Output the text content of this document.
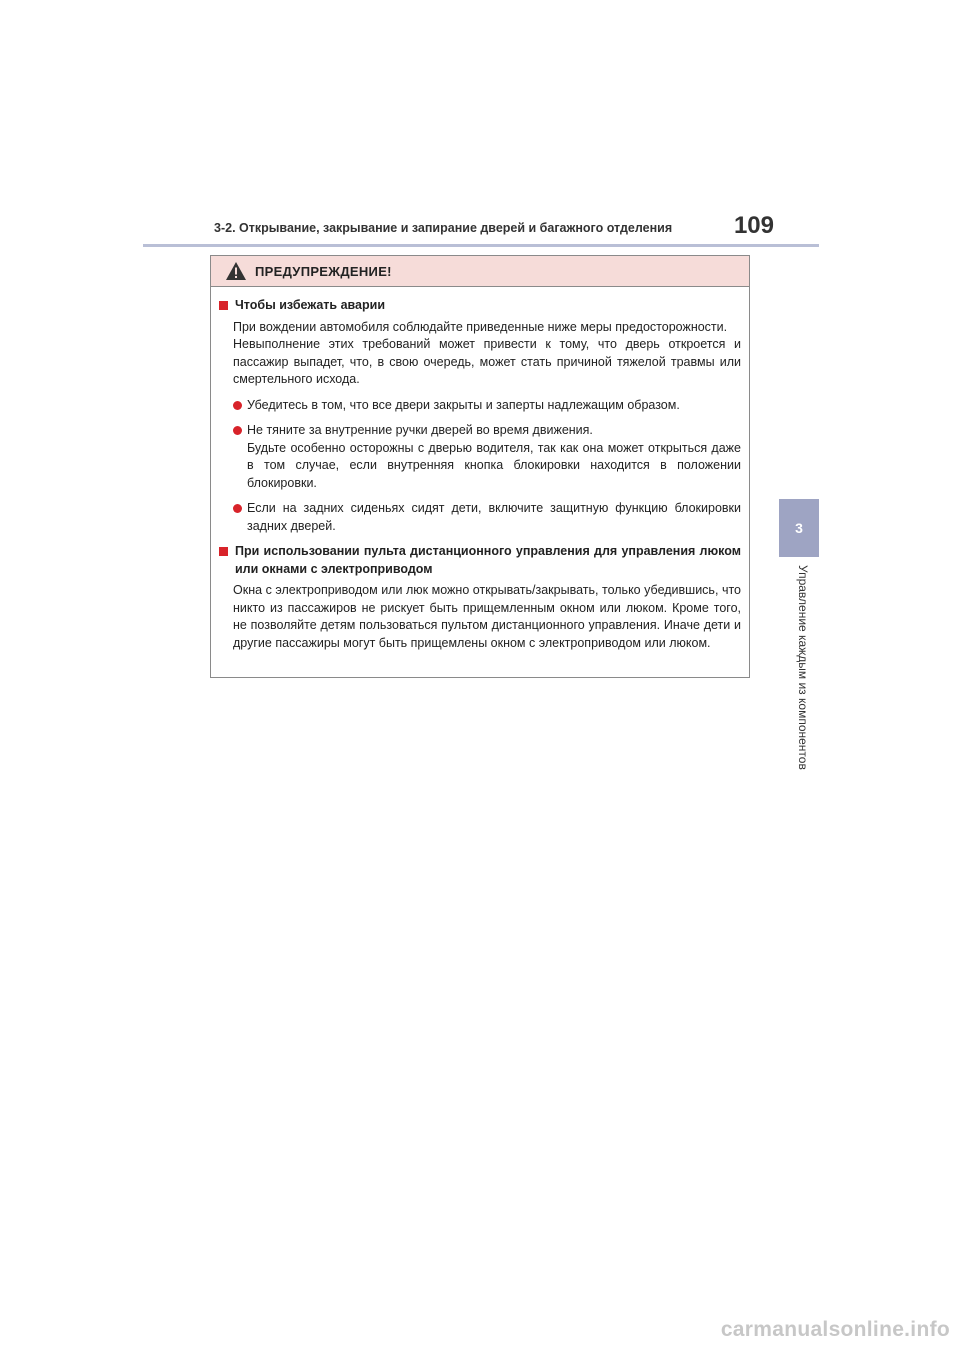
3-2. Открывание, закрывание и запирание дверей и багажного отделения	109
3
Управление каждым из компонентов
ПРЕДУПРЕЖДЕНИЕ!
Чтобы избежать аварии

При вождении автомобиля соблюдайте приведенные ниже меры предосторожности.

Невыполнение этих требований может привести к тому, что дверь откроется и пассажир выпадет, что, в свою очередь, может стать причиной тяжелой травмы или смертельного исхода.

Убедитесь в том, что все двери закрыты и заперты надлежащим образом.

Не тяните за внутренние ручки дверей во время движения.

Будьте особенно осторожны с дверью водителя, так как она может открыться даже в том случае, если внутренняя кнопка блокировки находится в положении блокировки.

Если на задних сиденьях сидят дети, включите защитную функцию блокировки задних дверей.

При использовании пульта дистанционного управления для управления люком или окнами с электроприводом

Окна с электроприводом или люк можно открывать/закрывать, только убедившись, что никто из пассажиров не рискует быть прищемленным окном или люком. Кроме того, не позволяйте детям пользоваться пультом дистанционного управления. Иначе дети и другие пассажиры могут быть прищемлены окном с электроприводом или люком.

carmanualsonline.info
